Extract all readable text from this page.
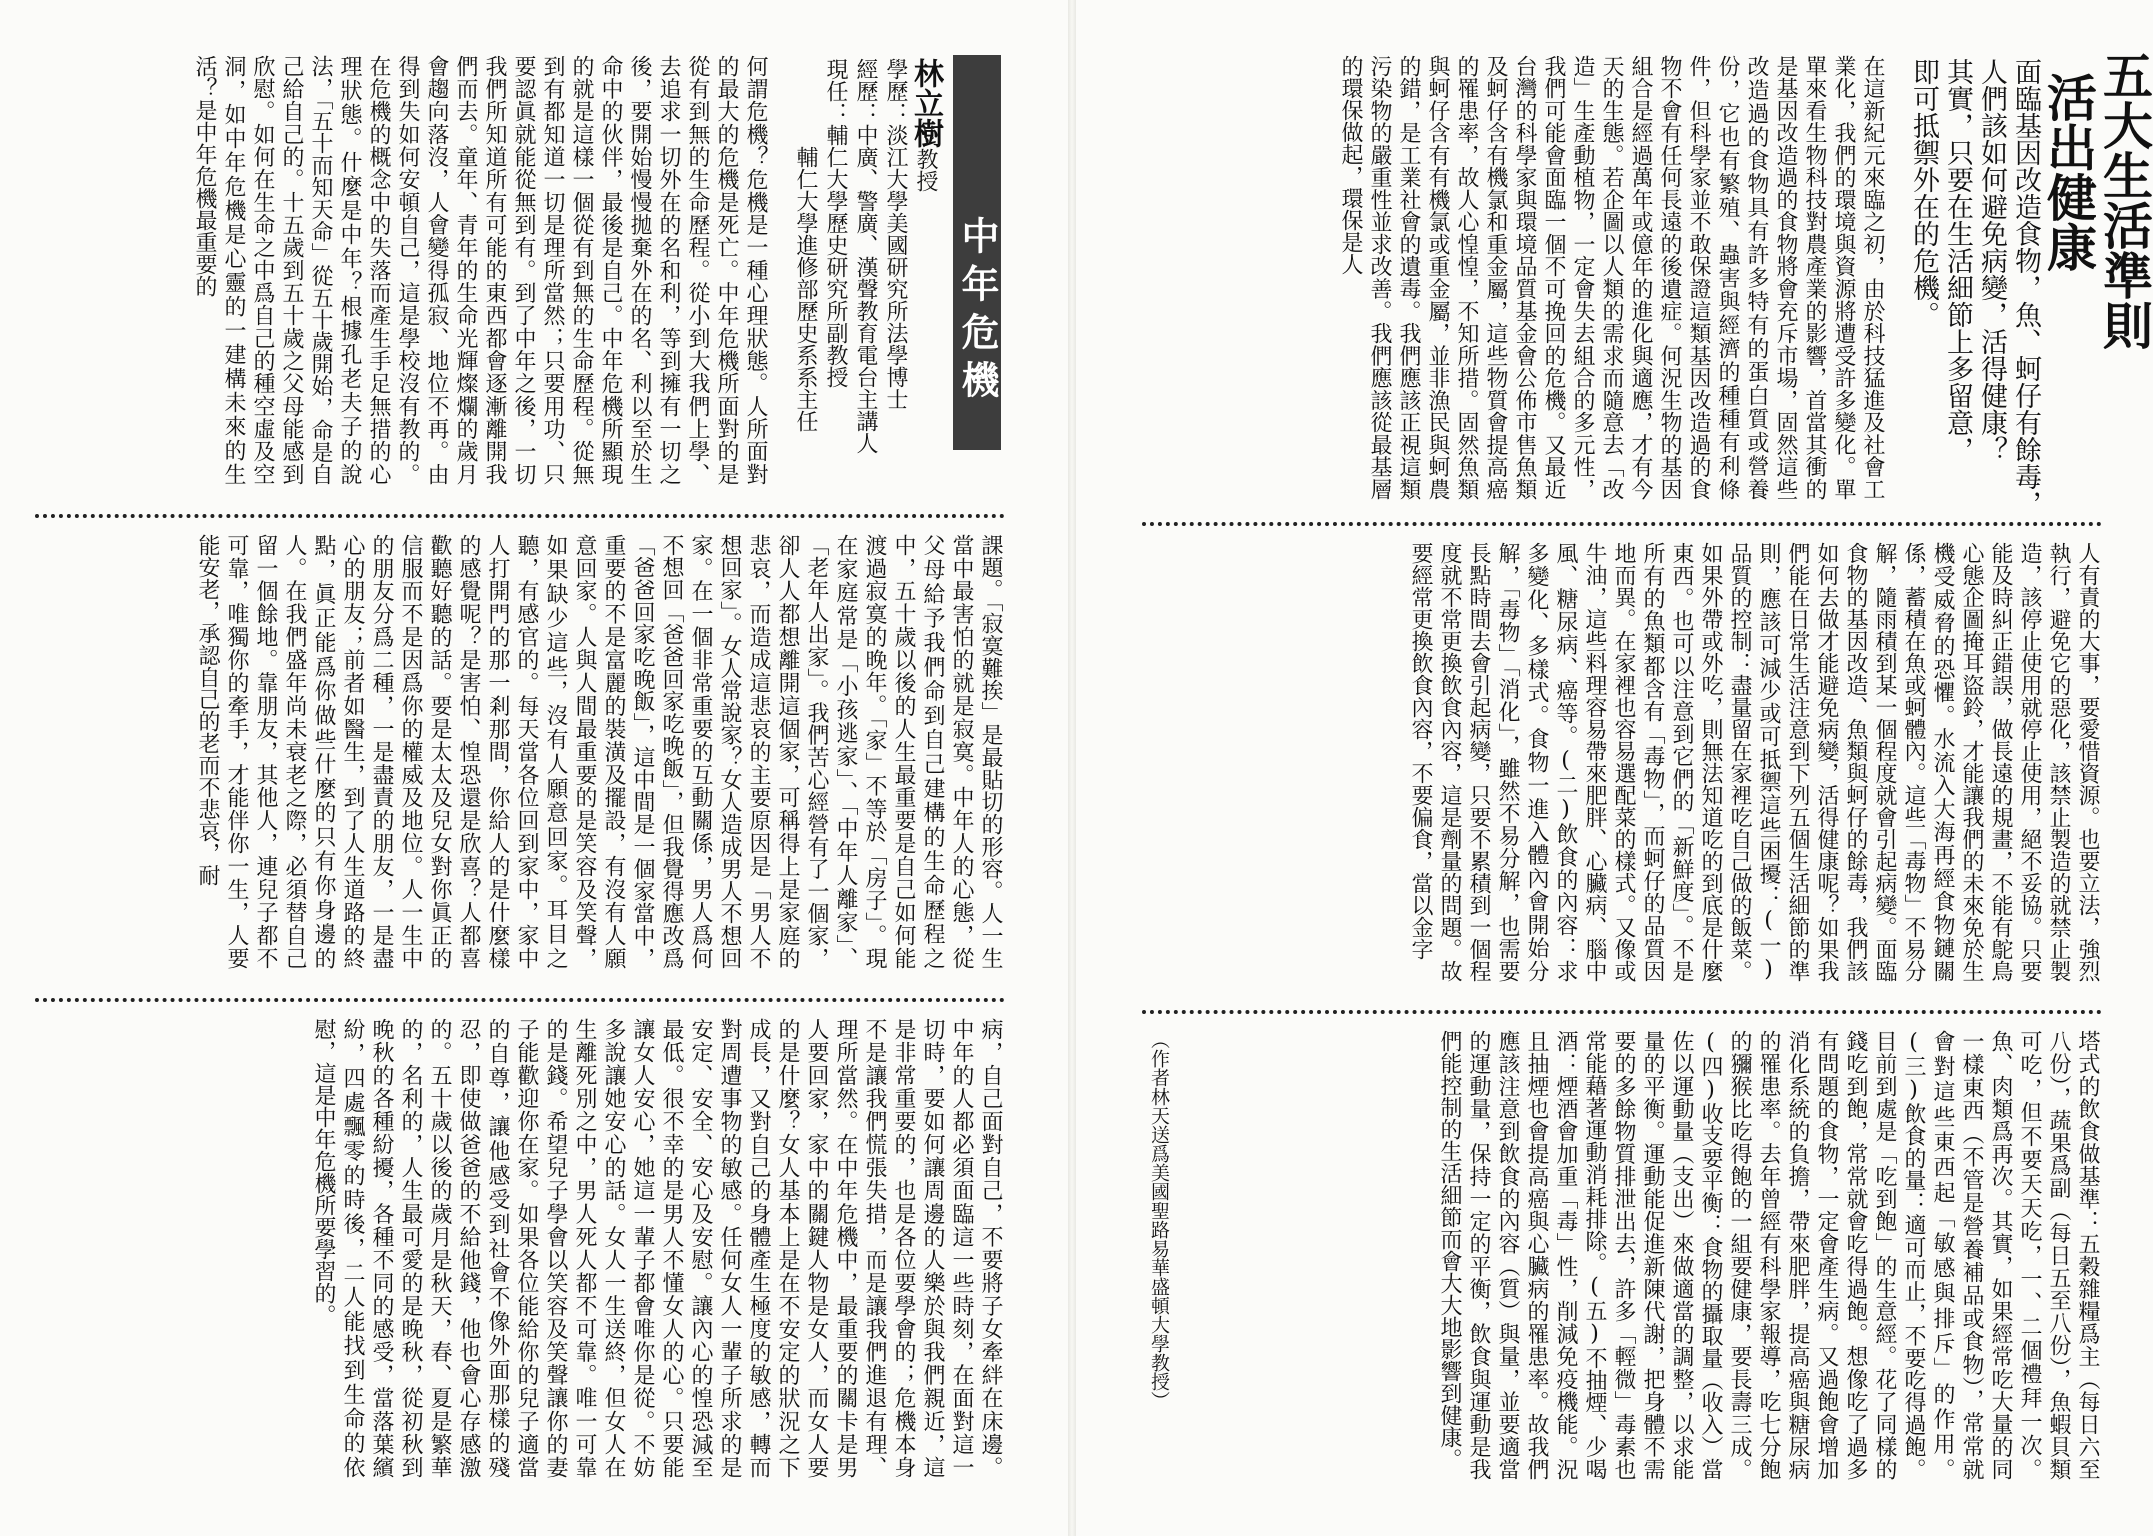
中年危機
林立樹教授
學歷：淡江大學美國研究所法學博士
經歷：中廣、警廣、漢聲教育電台主講人
現任：輔仁大學歷史研究所副教授
輔仁大學進修部歷史系系主任

何謂危機？危機是一種心理狀態。人所面對的最大的危機是死亡。中年危機所面對的是從有到無的生命歷程。從小到大我們上學、去追求一切外在的名和利，等到擁有一切之後，要開始慢慢拋棄外在的名、利以至於生命中的伙伴，最後是自己。中年危機所顯現的就是這樣一個從有到無的生命歷程。從無到有都知道一切是理所當然；只要用功、只要認眞就能從無到有。到了中年之後，一切我們所知道所有可能的東西都會逐漸離開我們而去。童年、青年的生命光輝燦爛的歲月會趨向落沒，人會變得孤寂、地位不再。由得到失如何安頓自己，這是學校沒有教的。在危機的概念中的失落而產生手足無措的心理狀態。什麼是中年？根據孔老夫子的說法，「五十而知天命」從五十歲開始，命是自己給自己的。十五歲到五十歲之父母能感到欣慰。如何在生命之中爲自己的種空虛及空洞，如中年危機是心靈的一建構未來的生活？是中年危機最重要的

課題。「寂寞難挨」是最貼切的形容。人一生當中最害怕的就是寂寞。中年人的心態，從父母給予我們命到自己建構的生命歷程之中，五十歲以後的人生最重要是自己如何能渡過寂寞的晚年。「家」不等於「房子」。現在家庭常是「小孩逃家」、「中年人離家」、「老年人出家」。我們苦心經營有了一個家，卻人人都想離開這個家，可稱得上是家庭的悲哀，而造成這悲哀的主要原因是「男人不想回家」。女人常說家？女人造成男人不想回家。在一個非常重要的互動關係，男人爲何不想回「爸爸回家吃晚飯」，但我覺得應改爲「爸爸回家吃晚飯」，這中間是一個家當中，重要的不是富麗的裝潢及擺設，有沒有人願意回家。人與人間最重要的是笑容及笑聲，如果缺少這些，沒有人願意回家。耳目之聽，有感官的。每天當各位回到家中，家中人打開門的那一剎那間，你給人的是什麼樣的感覺呢？是害怕、惶恐還是欣喜？人都喜歡聽好聽的話。要是太太及兒女對你眞正的信服而不是因爲你的權威及地位。人一生中的朋友分爲二種，一是盡責的朋友，一是盡心的朋友；前者如醫生，到了人生道路的終點，眞正能爲你做些什麼的只有你身邊的人。在我們盛年尚未衰老之際，必須替自己留一個餘地。靠朋友，其他人，連兒子都不可靠，唯獨你的牽手，才能伴你一生，人要能安老，承認自己的老而不悲哀，耐

病，自己面對自己，不要將子女牽絆在床邊。中年的人都必須面臨這一些時刻，在面對這一切時，要如何讓周邊的人樂於與我們親近，這是非常重要的，也是各位要學會的；危機本身不是讓我們慌張失措，而是讓我們進退有理、理所當然。在中年危機中，最重要的關卡是男人要回家，家中的關鍵人物是女人，而女人要的是什麼？女人基本上是在不安定的狀況之下成長，又對自己的身體產生極度的敏感，轉而對周遭事物的敏感。任何女人一輩子所求的是安定、安全、安心及安慰。讓內心的惶恐減至最低。很不幸的是男人不懂女人的心。只要能讓女人安心，她這一輩子都會唯你是從。不妨多說讓她安心的話。女人一生送終，但女人在生離死別之中，男人死人都不可靠。唯一可靠的是錢。希望兒子學會以笑容及笑聲讓你的妻子能歡迎你在家。如果各位能給你的兒子適當的自尊，讓他感受到社會不像外面那樣的殘忍，即使做爸爸的不給他錢，他也會心存感激的。五十歲以後的歲月是秋天，春、夏是繁華的，名利的，人生最可愛的是晚秋，從初秋到晚秋的各種紛擾，各種不同的感受，當落葉繽紛，四處飄零的時後，二人能找到生命的依慰，這是中年危機所要學習的。

五大生活準則活出健康
面臨基因改造食物，魚、蚵仔有餘毒，
人們該如何避免病變，活得健康？
其實，只要在生活細節上多留意，
即可抵禦外在的危機。

在這新紀元來臨之初，由於科技猛進及社會工業化，我們的環境與資源將遭受許多變化。單單來看生物科技對農產業的影響，首當其衝的是基因改造過的食物將會充斥市場，固然這些改造過的食物具有許多特有的蛋白質或營養份，它也有繁殖、蟲害與經濟的種種有利條件，但科學家並不敢保證這類基因改造過的食物不會有任何長遠的後遺症。何況生物的基因組合是經過萬年或億年的進化與適應，才有今天的生態。若企圖以人類的需求而隨意去「改造」生產動植物，一定會失去組合的多元性，我們可能會面臨一個不可挽回的危機。又最近台灣的科學家與環境品質基金會公佈市售魚類及蚵仔含有機氯和重金屬，這些物質會提高癌的罹患率，故人心惶惶，不知所措。固然魚類與蚵仔含有有機氯或重金屬，並非漁民與蚵農的錯，是工業社會的遺毒。我們應該正視這類污染物的嚴重性並求改善。我們應該從最基層的環保做起，環保是人

人有責的大事，要愛惜資源。也要立法，強烈執行，避免它的惡化，該禁止製造的就禁止製造，該停止使用就停止使用，絕不妥協。只要能及時糾正錯誤，做長遠的規畫，不能有鴕鳥心態企圖掩耳盜鈴，才能讓我們的未來免於生機受威脅的恐懼。水流入大海再經食物鏈關係，蓄積在魚或蚵體內。這些「毒物」不易分解，隨雨積到某一個程度就會引起病變。面臨食物的基因改造、魚類與蚵仔的餘毒，我們該如何去做才能避免病變，活得健康呢？如果我們能在日常生活注意到下列五個生活細節的準則，應該可減少或可抵禦這些困擾：(一)品質的控制：盡量留在家裡吃自己做的飯菜。如果外帶或外吃，則無法知道吃的到底是什麼東西。也可以注意到它們的「新鮮度」。不是所有的魚類都含有「毒物」，而蚵仔的品質因地而異。在家裡也容易選配菜的樣式。又像或牛油，這些料理容易帶來肥胖、心臟病、腦中風、糖尿病、癌等。(二)飲食的內容：求多變化、多樣式。食物一進入體內會開始分解，「毒物」「消化」，雖然不易分解，也需要長點時間去會引起病變，只要不累積到一個程度就不常更換飲食內容，這是劑量的問題。故要經常更換飲食內容，不要偏食，當以金字

塔式的飲食做基準：五穀雜糧爲主（每日六至八份），蔬果爲副（每日五至八份），魚蝦貝類可吃，但不要天天吃，一、二個禮拜一次。魚、肉類爲再次。其實，如果經常吃大量的同一樣東西（不管是營養補品或食物），常常就會對這些東西起「敏感與排斥」的作用。(三)飲食的量：適可而止，不要吃得過飽。目前到處是「吃到飽」的生意經。花了同樣的錢吃到飽，常常就會吃得過飽。想像吃了過多有問題的食物，一定會產生病。又過飽會增加消化系統的負擔，帶來肥胖，提高癌與糖尿病的罹患率。去年曾經有科學家報導，吃七分飽的獼猴比吃得飽的一組要健康，要長壽三成。(四)收支要平衡：食物的攝取量（收入）當佐以運動量（支出）來做適當的調整，以求能量的平衡。運動能促進新陳代謝，把身體不需要的多餘物質排泄出去，許多「輕微」毒素也常能藉著運動消耗排除。(五)不抽煙、少喝酒：煙酒會加重「毒」性，削減免疫機能。況且抽煙也會提高癌與心臟病的罹患率。故我們應該注意到飲食的內容（質）與量，並要適當的運動量，保持一定的平衡，飲食與運動是我們能控制的生活細節而會大大地影響到健康。

（作者林天送爲美國聖路易華盛頓大學教授）
